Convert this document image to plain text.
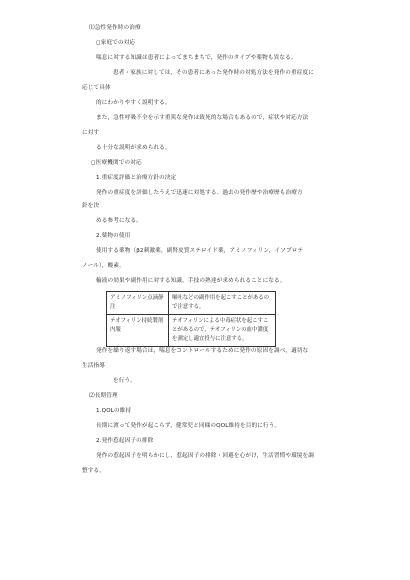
⑴急性発作時の治療
◻家庭での対応
喘息に対する知識は患者によってまちまちで，発作のタイプや薬物も異なる。
患者・家族に対しては，その患者にあった発作時の対処方法を発作の重症度に
応じて具体
的にわかりやすく説明する。
また，急性呼吸不全を示す重篤な発作は致死的な場合もあるので，症状や対応方法
に対す
る十分な説明が求められる。
◻医療機関での対応
1.重症度評価と治療方針の決定
発作の重症度を評価したうえで迅速に対処する。過去の発作歴や治療歴も治療方
針を決
める参考になる。
2.薬物の使用
使用する薬物（β2刺激薬，副腎皮質ステロイド薬，アミノフィリン，イソプロテ
ノール），酸素。
輸液の効果や副作用に対する知識，手技の熟達が求められることになる。
アミノフィリン点滴静注	嘔吐などの副作用を起こすことがあるので注意する。
テオフィリン持続製剤内服	テオフィリンによる中毒症状を起こすことがあるので，テオフィリンの血中濃度を測定し適宜投与に注意する。
発作を繰り返す場合は，喘息をコントロールするために発作の原因を調べ，適切な
生活指導
を行う。
⑵長期管理
1.QOLの維持
長期に渡って発作が起こらず，健常児と同様のQOL維持を目的に行う。
2.発作惹起因子の排除
発作の惹起因子を明らかにし，惹起因子の排除・回避を心がけ，生活習慣や環境を調
整する。
